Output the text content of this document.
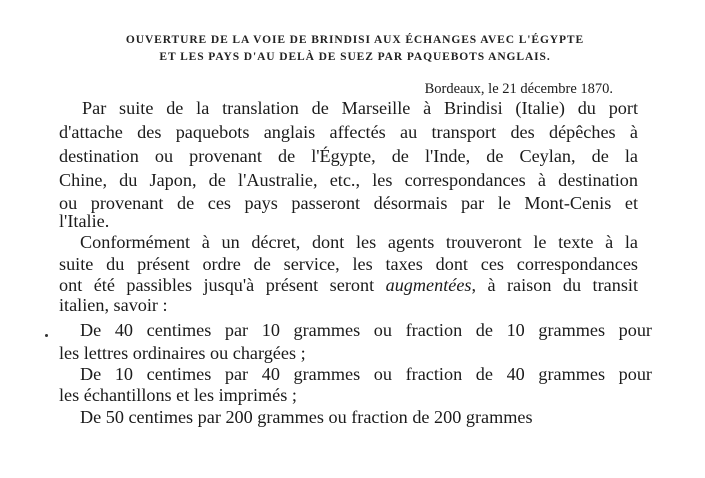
OUVERTURE DE LA VOIE DE BRINDISI AUX ÉCHANGES AVEC L'ÉGYPTE
ET LES PAYS D'AU DELÀ DE SUEZ PAR PAQUEBOTS ANGLAIS.
Bordeaux, le 21 décembre 1870.
Par suite de la translation de Marseille à Brindisi (Italie) du port
d'attache des paquebots anglais affectés au transport des dépêches à
destination ou provenant de l'Égypte, de l'Inde, de Ceylan, de la
Chine, du Japon, de l'Australie, etc., les correspondances à destination
ou provenant de ces pays passeront désormais par le Mont-Cenis et
l'Italie.
Conformément à un décret, dont les agents trouveront le texte à la
suite du présent ordre de service, les taxes dont ces correspondances
ont été passibles jusqu'à présent seront augmentées, à raison du transit
italien, savoir :
De 40 centimes par 10 grammes ou fraction de 10 grammes pour
les lettres ordinaires ou chargées ;
De 10 centimes par 40 grammes ou fraction de 40 grammes pour
les échantillons et les imprimés ;
De 50 centimes par 200 grammes ou fraction de 200 grammes
